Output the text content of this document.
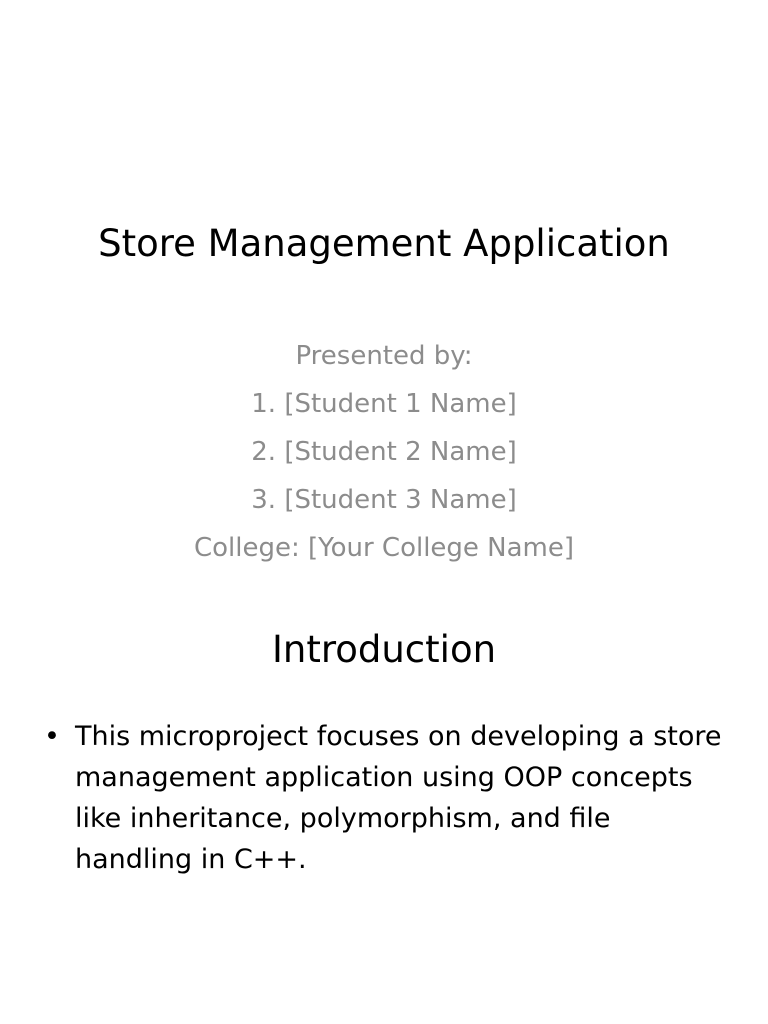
Store Management Application
Presented by:
1. [Student 1 Name]
2. [Student 2 Name]
3. [Student 3 Name]
College: [Your College Name]
Introduction
• This microproject focuses on developing a store management application using OOP concepts like inheritance, polymorphism, and file handling in C++.
